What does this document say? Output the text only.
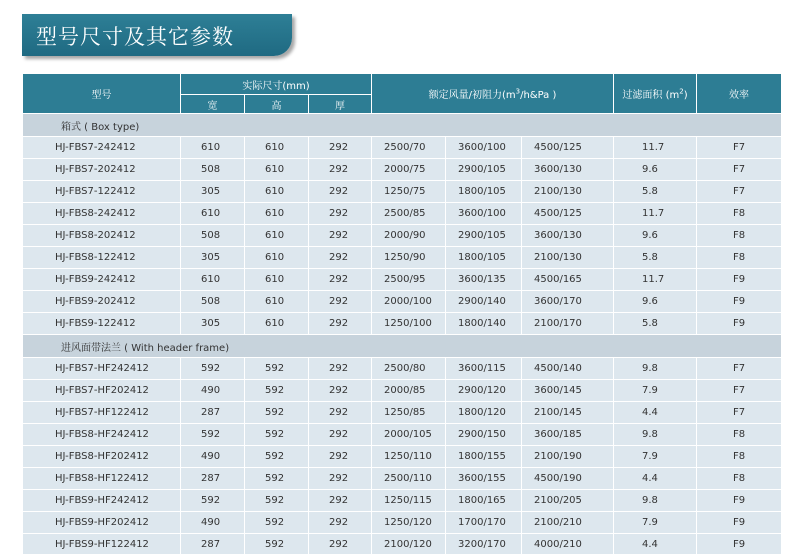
型号尺寸及其它参数
型号	实际尺寸(mm)			额定风量/初阻力($m^3/h\&Pa$ )			过滤面积 $(m^2)$	效率
	宽	高	厚					
箱式 ( Box type)								
HJ-FBS7-242412	610	610	292	2500/70	3600/100	4500/125	11.7	F7
HJ-FBS7-202412	508	610	292	2000/75	2900/105	3600/130	9.6	F7
HJ-FBS7-122412	305	610	292	1250/75	1800/105	2100/130	5.8	F7
HJ-FBS8-242412	610	610	292	2500/85	3600/100	4500/125	11.7	F8
HJ-FBS8-202412	508	610	292	2000/90	2900/105	3600/130	9.6	F8
HJ-FBS8-122412	305	610	292	1250/90	1800/105	2100/130	5.8	F8
HJ-FBS9-242412	610	610	292	2500/95	3600/135	4500/165	11.7	F9
HJ-FBS9-202412	508	610	292	2000/100	2900/140	3600/170	9.6	F9
HJ-FBS9-122412	305	610	292	1250/100	1800/140	2100/170	5.8	F9
进风面带法兰 ( With header frame)								
HJ-FBS7-HF242412	592	592	292	2500/80	3600/115	4500/140	9.8	F7
HJ-FBS7-HF202412	490	592	292	2000/85	2900/120	3600/145	7.9	F7
HJ-FBS7-HF122412	287	592	292	1250/85	1800/120	2100/145	4.4	F7
HJ-FBS8-HF242412	592	592	292	2000/105	2900/150	3600/185	9.8	F8
HJ-FBS8-HF202412	490	592	292	1250/110	1800/155	2100/190	7.9	F8
HJ-FBS8-HF122412	287	592	292	2500/110	3600/155	4500/190	4.4	F8
HJ-FBS9-HF242412	592	592	292	1250/115	1800/165	2100/205	9.8	F9
HJ-FBS9-HF202412	490	592	292	1250/120	1700/170	2100/210	7.9	F9
HJ-FBS9-HF122412	287	592	292	2100/120	3200/170	4000/210	4.4	F9
